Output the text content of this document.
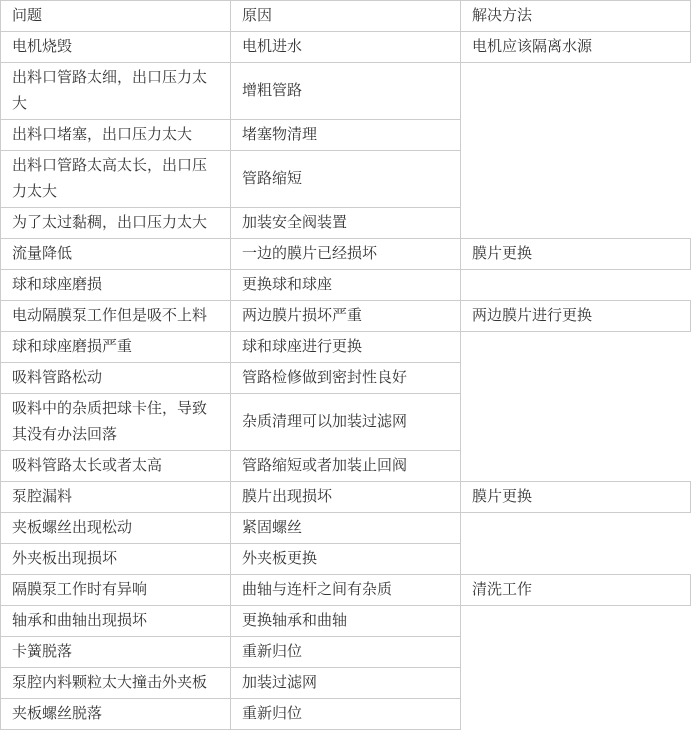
问题	原因	解决方法
电机烧毁	电机进水	电机应该隔离水源
出料口管路太细，出口压力太大	增粗管路	
出料口堵塞，出口压力太大	堵塞物清理	
出料口管路太高太长，出口压力太大	管路缩短	
为了太过黏稠，出口压力太大	加装安全阀装置	
流量降低	一边的膜片已经损坏	膜片更换
球和球座磨损	更换球和球座	
电动隔膜泵工作但是吸不上料	两边膜片损坏严重	两边膜片进行更换
球和球座磨损严重	球和球座进行更换	
吸料管路松动	管路检修做到密封性良好	
吸料中的杂质把球卡住，导致其没有办法回落	杂质清理可以加装过滤网	
吸料管路太长或者太高	管路缩短或者加装止回阀	
泵腔漏料	膜片出现损坏	膜片更换
夹板螺丝出现松动	紧固螺丝	
外夹板出现损坏	外夹板更换	
隔膜泵工作时有异响	曲轴与连杆之间有杂质	清洗工作
轴承和曲轴出现损坏	更换轴承和曲轴	
卡簧脱落	重新归位	
泵腔内料颗粒太大撞击外夹板	加装过滤网	
夹板螺丝脱落	重新归位	
